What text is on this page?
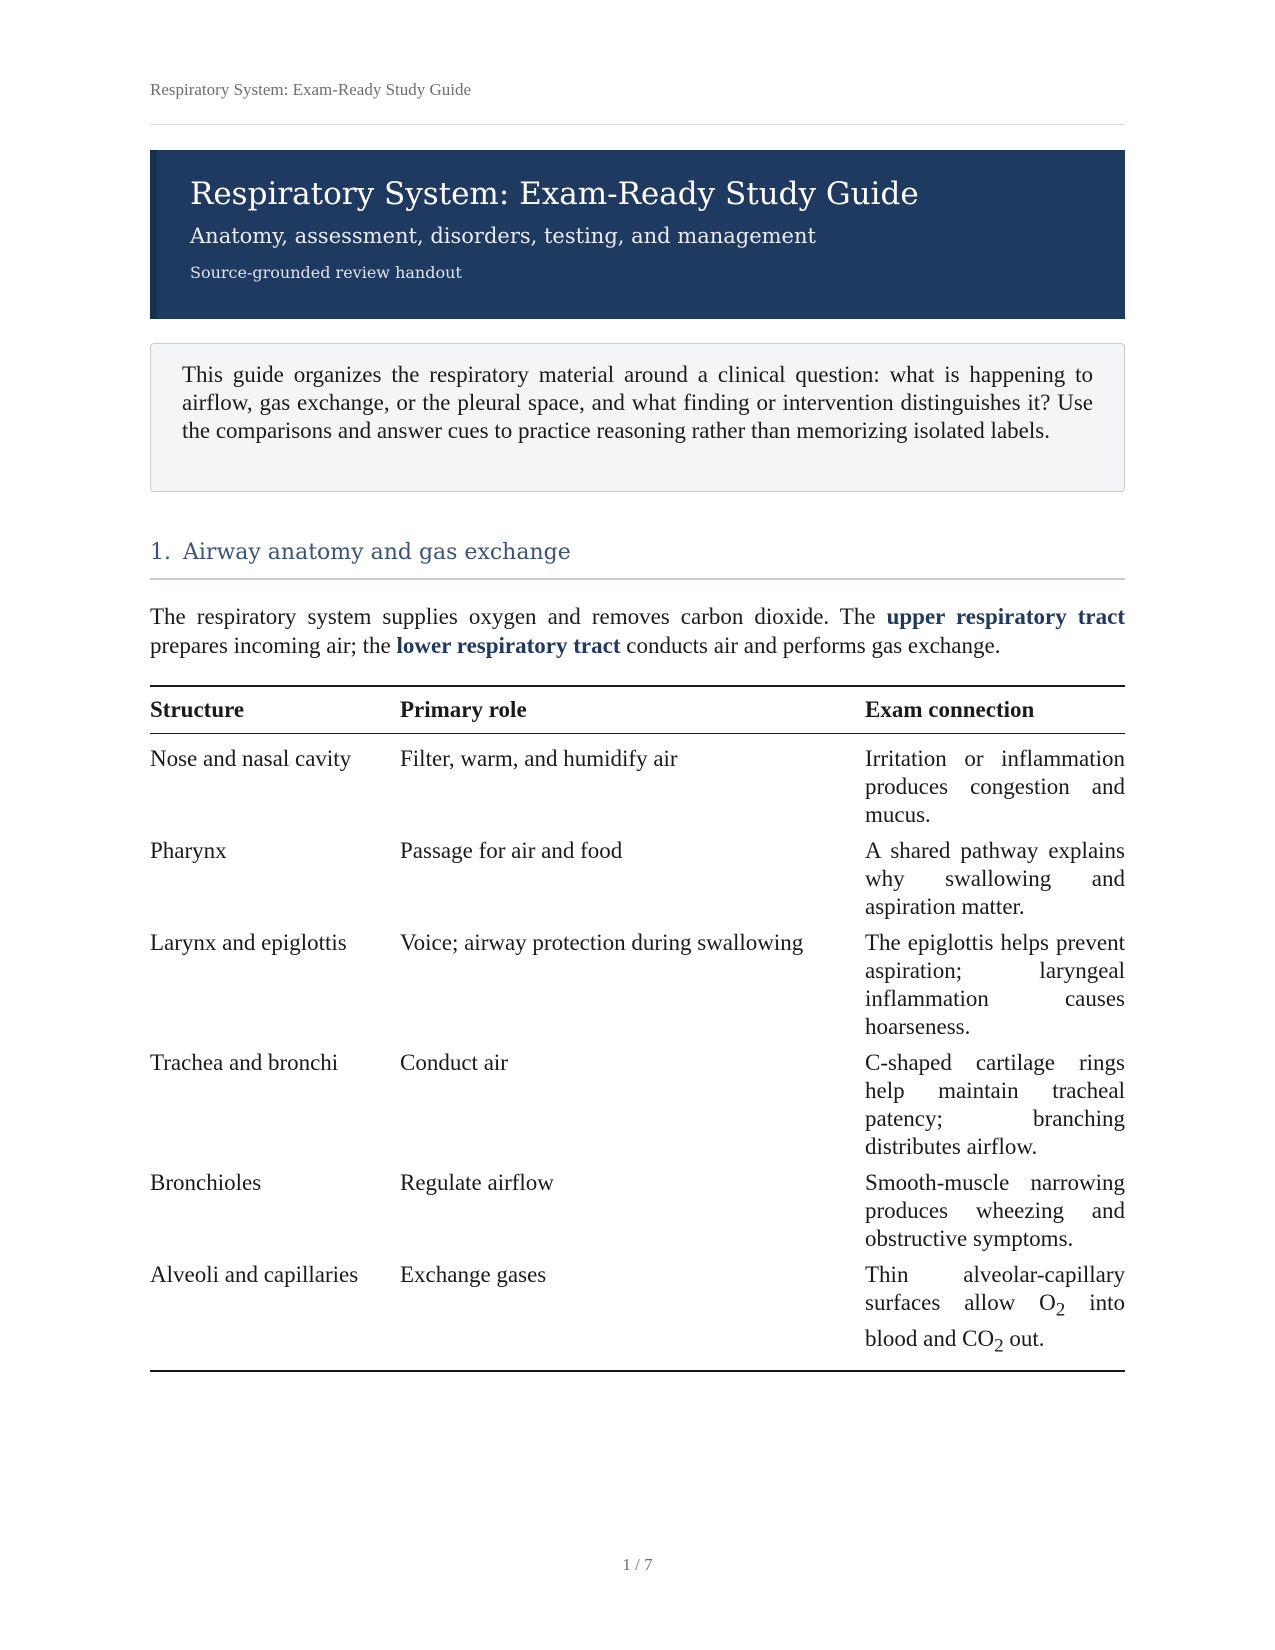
Respiratory System: Exam-Ready Study Guide
Respiratory System: Exam-Ready Study Guide
Anatomy, assessment, disorders, testing, and management
Source-grounded review handout
This guide organizes the respiratory material around a clinical question: what is happening to airflow, gas exchange, or the pleural space, and what finding or intervention distinguishes it? Use the comparisons and answer cues to practice reasoning rather than memorizing isolated labels.
1. Airway anatomy and gas exchange

The respiratory system supplies oxygen and removes carbon dioxide. The upper respiratory tract prepares incoming air; the lower respiratory tract conducts air and performs gas exchange.

Structure	Primary role	Exam connection
Nose and nasal cavity	Filter, warm, and humidify air	Irritation or inflammation produces congestion and mucus.
Pharynx	Passage for air and food	A shared pathway explains why swallowing and aspiration matter.
Larynx and epiglottis	Voice; airway protection during swallowing	The epiglottis helps prevent aspiration; laryngeal inflammation causes hoarseness.
Trachea and bronchi	Conduct air	C-shaped cartilage rings help maintain tracheal patency; branching distributes airflow.
Bronchioles	Regulate airflow	Smooth-muscle narrowing produces wheezing and obstructive symptoms.
Alveoli and capillaries	Exchange gases	Thin alveolar-capillary surfaces allow $O_2$ into blood and $CO_2$ out.
1 / 7
